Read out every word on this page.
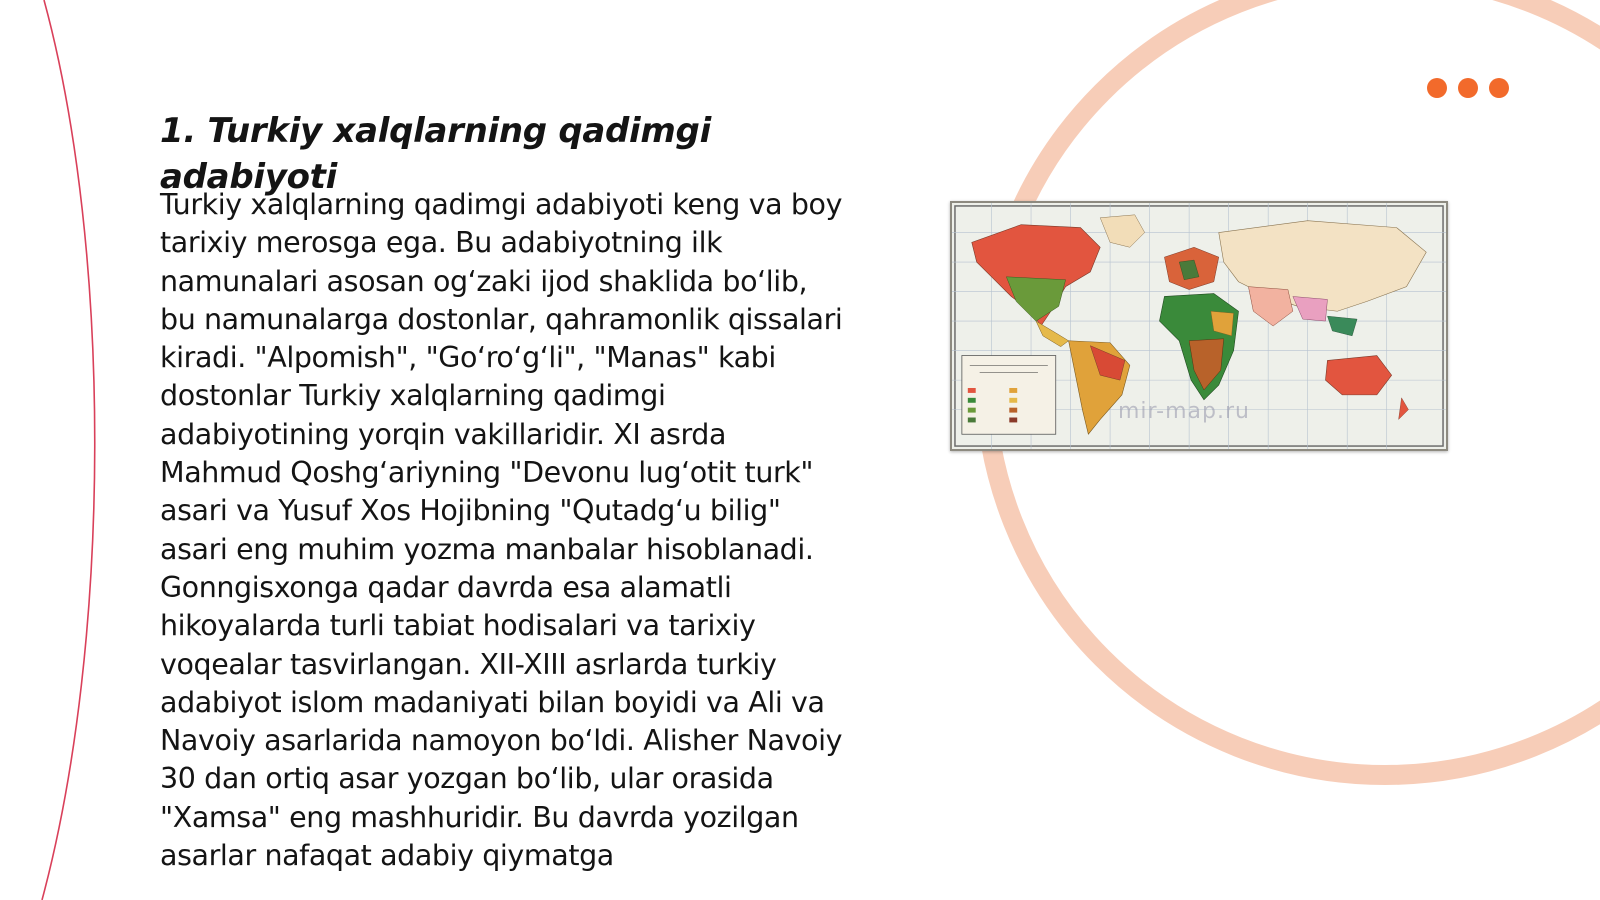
1. Turkiy xalqlarning qadimgi adabiyoti

Turkiy xalqlarning qadimgi adabiyoti keng va boy tarixiy merosga ega. Bu adabiyotning ilk namunalari asosan og‘zaki ijod shaklida bo‘lib, bu namunalarga dostonlar, qahramonlik qissalari kiradi. "Alpomish", "Go‘ro‘g‘li", "Manas" kabi dostonlar Turkiy xalqlarning qadimgi adabiyotining yorqin vakillaridir. XI asrda Mahmud Qoshg‘ariyning "Devonu lug‘otit turk" asari va Yusuf Xos Hojibning "Qutadg‘u bilig" asari eng muhim yozma manbalar hisoblanadi. Gonngisxonga qadar davrda esa alamatli hikoyalarda turli tabiat hodisalari va tarixiy voqealar tasvirlangan. XII-XIII asrlarda turkiy adabiyot islom madaniyati bilan boyidi va Ali va Navoiy asarlarida namoyon bo‘ldi. Alisher Navoiy 30 dan ortiq asar yozgan bo‘lib, ular orasida "Xamsa" eng mashhuridir. Bu davrda yozilgan asarlar nafaqat adabiy qiymatga

mir-map.ru
